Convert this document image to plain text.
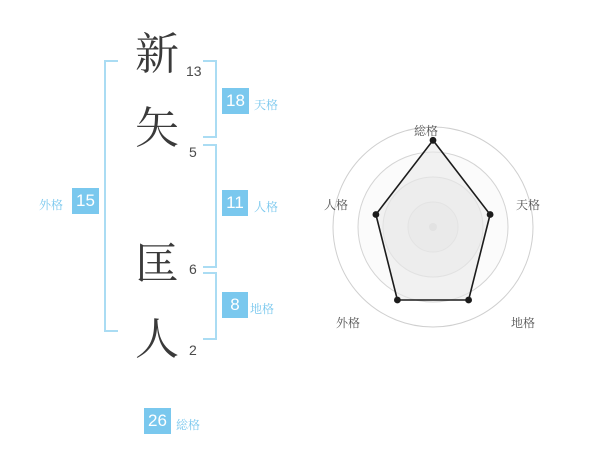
新
矢
匡
人
13
5
6
2
外格 15
18 天格
11 人格
8 地格
26 総格
総格
天格
地格
外格
人格
